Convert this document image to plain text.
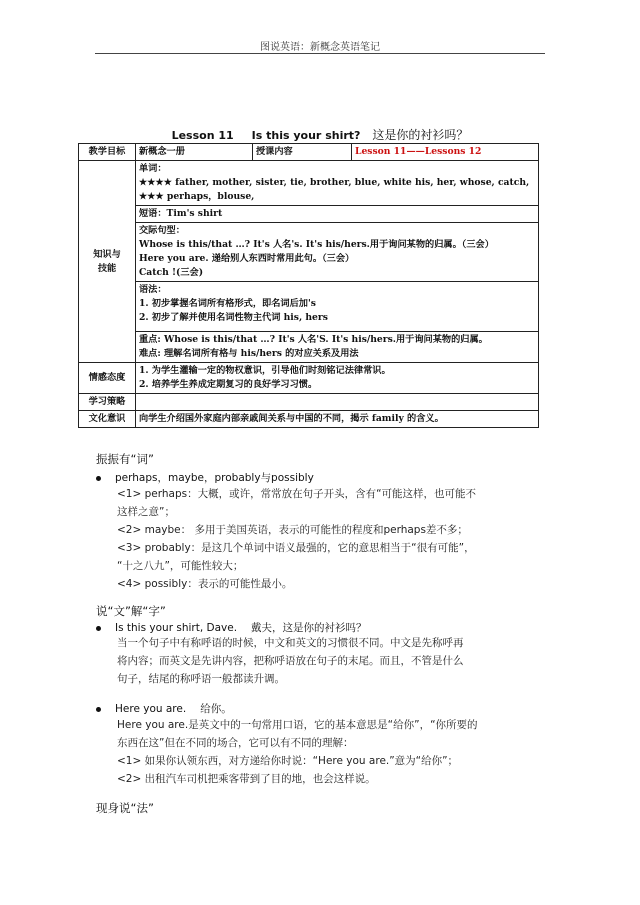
图说英语：新概念英语笔记
Lesson 11 Is this your shirt? 这是你的衬衫吗？
教学目标	新概念一册	授课内容	Lesson 11——Lessons 12
知识与技能	单词：
★★★★ father, mother, sister, tie, brother, blue, white his, her, whose, catch,
★★★ perhaps，blouse,		

	短语：Tim's shirt		

	交际句型：
Whose is this/that …? It's 人名's. It's his/hers.用于询问某物的归属。（三会）
Here you are. 递给别人东西时常用此句。（三会）
Catch !(三会)		

	语法：
1. 初步掌握名词所有格形式，即名词后加's
2. 初步了解并使用名词性物主代词 his, hers		

	重点: Whose is this/that …? It's 人名'S. It's his/hers.用于询问某物的归属。
难点: 理解名词所有格与 his/hers 的对应关系及用法		

情感态度	1. 为学生灌输一定的物权意识，引导他们时刻铭记法律常识。
2. 培养学生养成定期复习的良好学习习惯。		

学习策略			
文化意识	向学生介绍国外家庭内部亲戚间关系与中国的不同，揭示 family 的含义。		
振振有“词”
perhaps，maybe，probably与possibly
<1> perhaps：大概，或许，常常放在句子开头，含有“可能这样，也可能不
这样之意”；
<2> maybe： 多用于美国英语，表示的可能性的程度和perhaps差不多；
<3> probably：是这几个单词中语义最强的，它的意思相当于“很有可能”，
“十之八九”，可能性较大；
<4> possibly：表示的可能性最小。
说“文”解“字”
Is this your shirt, Dave. 戴夫，这是你的衬衫吗？
当一个句子中有称呼语的时候，中文和英文的习惯很不同。中文是先称呼再
将内容；而英文是先讲内容，把称呼语放在句子的末尾。而且，不管是什么
句子，结尾的称呼语一般都读升调。
Here you are. 给你。
Here you are.是英文中的一句常用口语，它的基本意思是“给你”，“你所要的
东西在这”但在不同的场合，它可以有不同的理解：
<1> 如果你认领东西，对方递给你时说：“Here you are.”意为“给你”；
<2> 出租汽车司机把乘客带到了目的地，也会这样说。
现身说“法”
